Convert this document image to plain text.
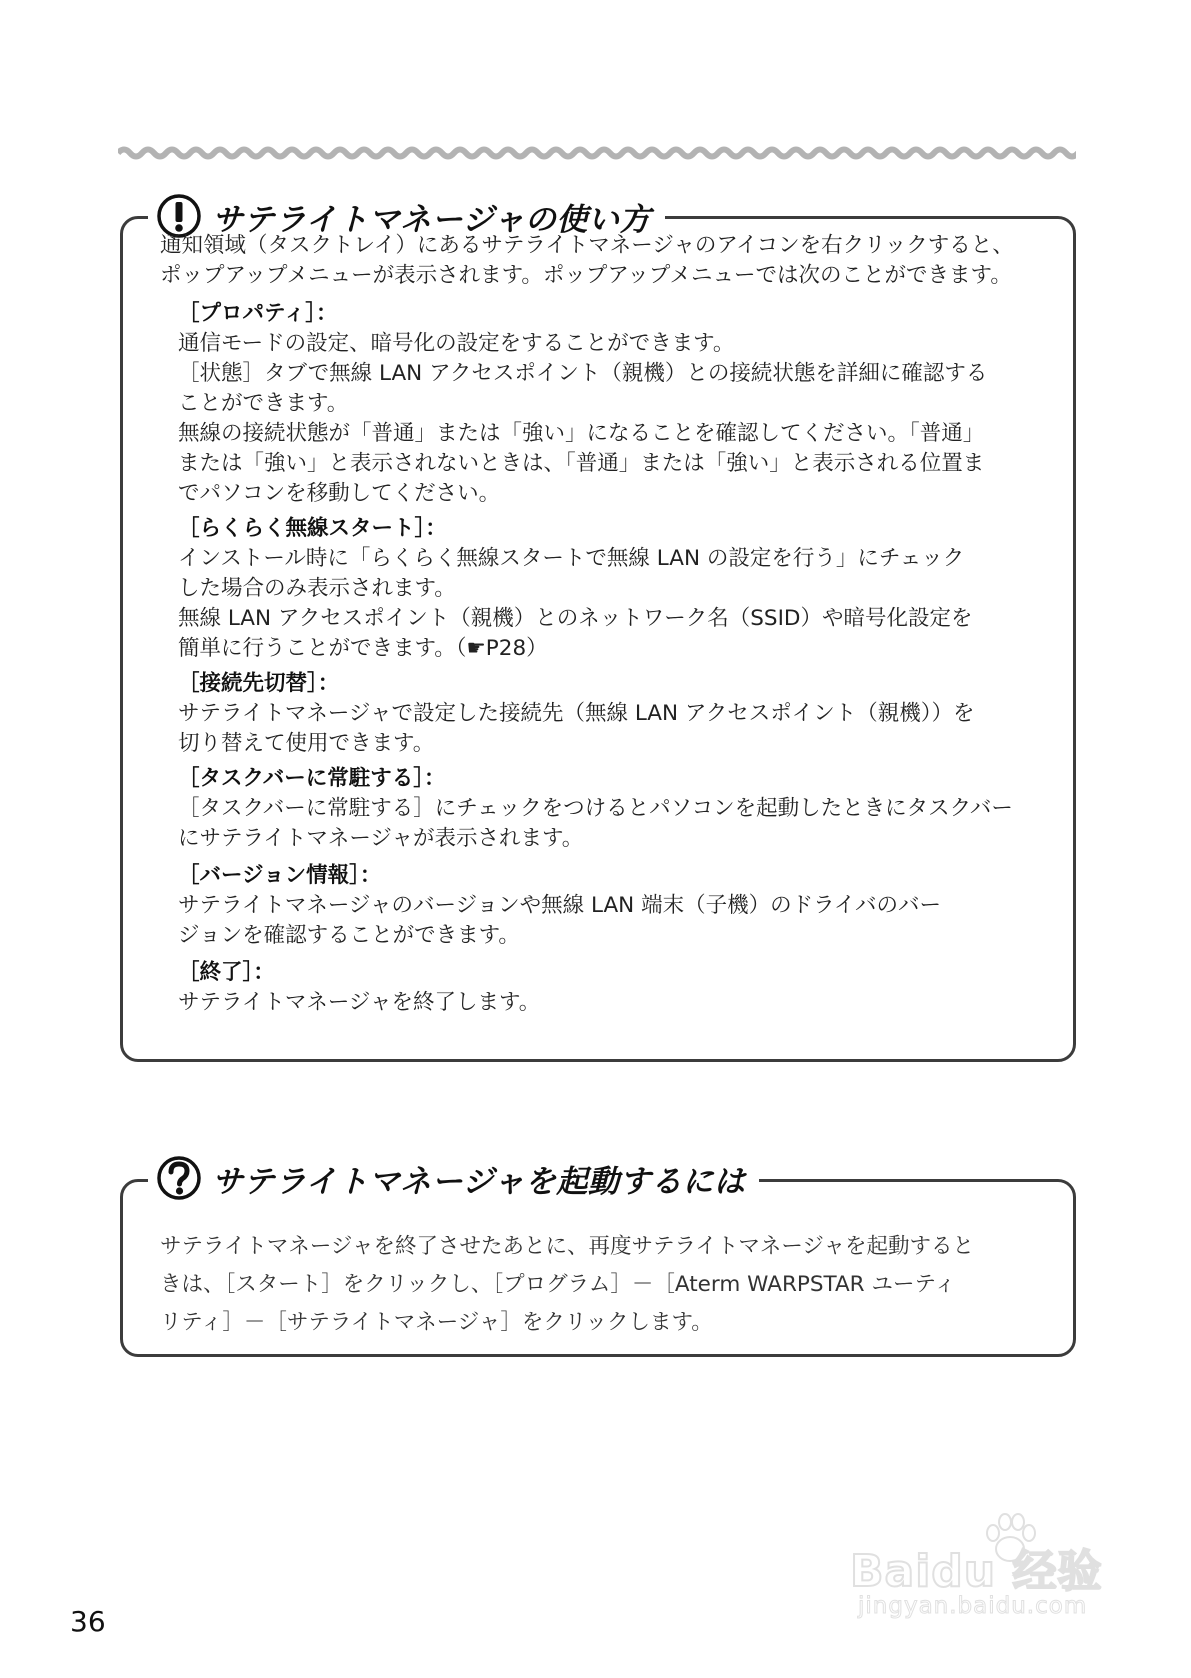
サテライトマネージャの使い方
通知領域（タスクトレイ）にあるサテライトマネージャのアイコンを右クリックすると、
ポップアップメニューが表示されます。ポップアップメニューでは次のことができます。
［プロパティ］：
通信モードの設定、暗号化の設定をすることができます。
［状態］タブで無線 LAN アクセスポイント（親機）との接続状態を詳細に確認する
ことができます。
無線の接続状態が「普通」または「強い」になることを確認してください。「普通」
または「強い」と表示されないときは、「普通」または「強い」と表示される位置ま
でパソコンを移動してください。
［らくらく無線スタート］：
インストール時に「らくらく無線スタートで無線 LAN の設定を行う」にチェック
した場合のみ表示されます。
無線 LAN アクセスポイント（親機）とのネットワーク名（SSID）や暗号化設定を
簡単に行うことができます。（☛P28）
［接続先切替］：
サテライトマネージャで設定した接続先（無線 LAN アクセスポイント（親機））を
切り替えて使用できます。
［タスクバーに常駐する］：
［タスクバーに常駐する］にチェックをつけるとパソコンを起動したときにタスクバー
にサテライトマネージャが表示されます。
［バージョン情報］：
サテライトマネージャのバージョンや無線 LAN 端末（子機）のドライバのバー
ジョンを確認することができます。
［終了］：
サテライトマネージャを終了します。
サテライトマネージャを起動するには
サテライトマネージャを終了させたあとに、再度サテライトマネージャを起動すると
きは、［スタート］をクリックし、［プログラム］－［Aterm WARPSTAR ユーティ
リティ］－［サテライトマネージャ］をクリックします。
36
Baidu 经验
jingyan.baidu.com
